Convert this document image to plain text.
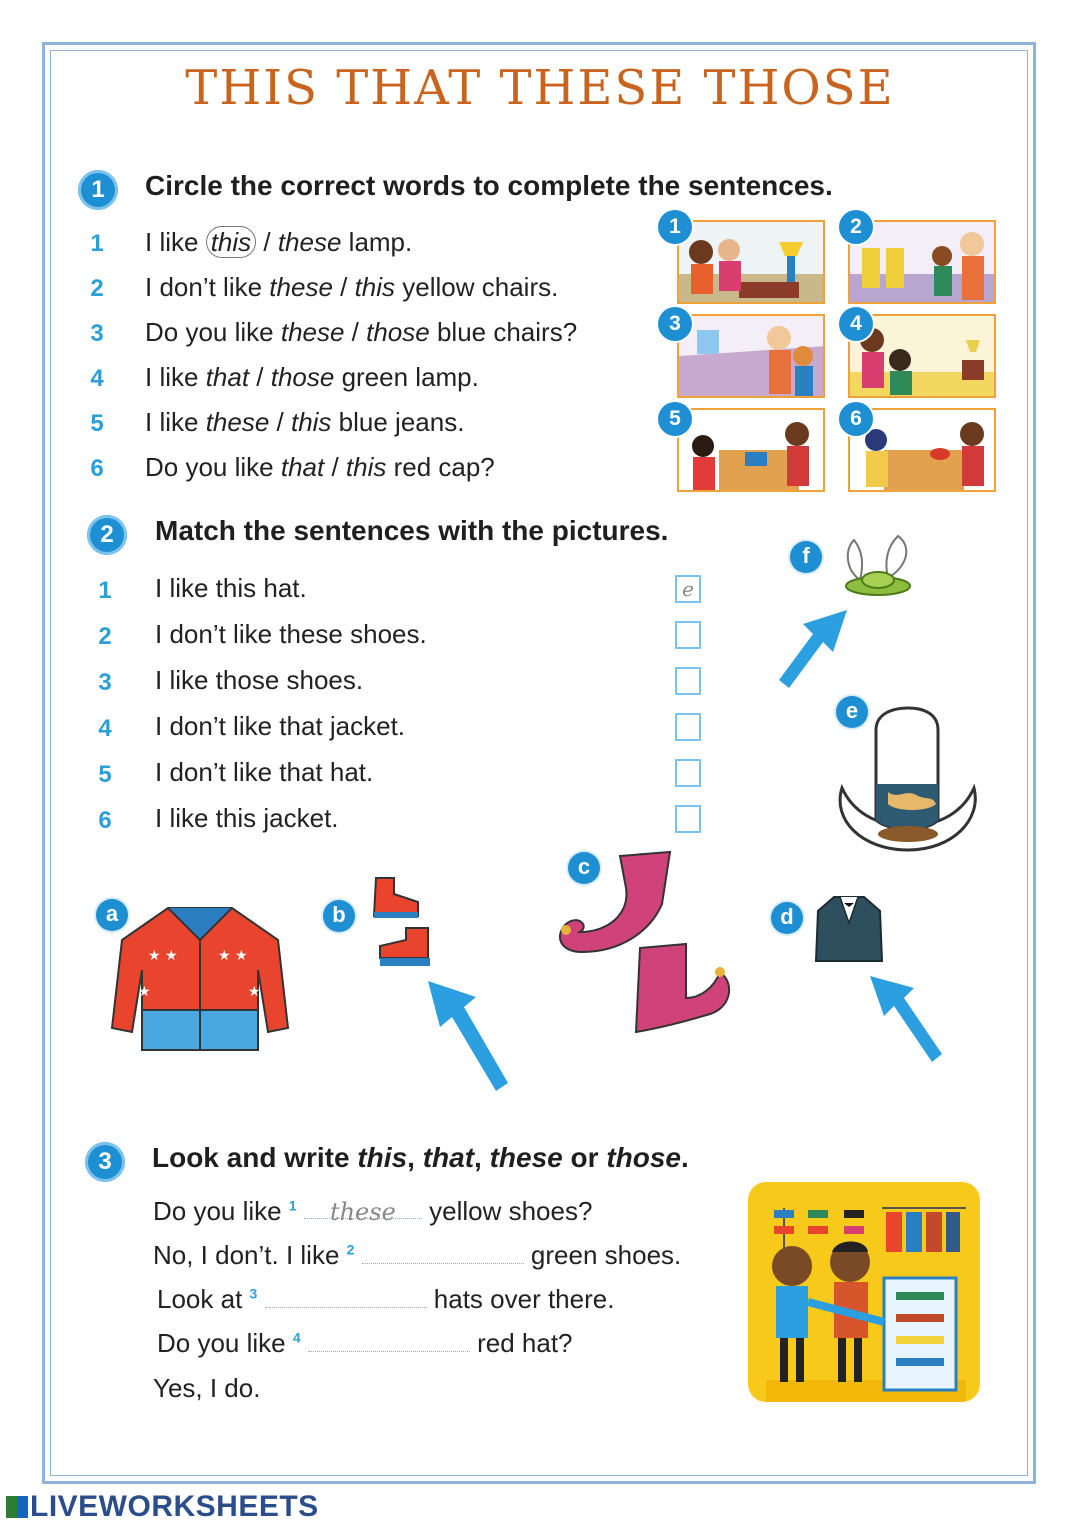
THIS THAT THESE THOSE
1	Circle the correct words to complete the sentences.
1	I like this / these lamp.
2	I don’t like these / this yellow chairs.
3	Do you like these / those blue chairs?
4	I like that / those green lamp.
5	I like these / this blue jeans.
6	Do you like that / this red cap?
1	2
3	4
5	6
2	Match the sentences with the pictures.
1	I like this hat.	e
2	I don’t like these shoes.
3	I like those shoes.
4	I don’t like that jacket.
5	I don’t like that hat.
6	I like this jacket.
f
e
a
★ ★	★ ★
★	★
b
c
d
3	Look and write this, that, these or those.
Do you like $^1$ these yellow shoes?
No, I don’t. I like $^2$	green shoes.
Look at $^3$	hats over there.
Do you like $^4$	red hat?
Yes, I do.
LIVEWORKSHEETS
